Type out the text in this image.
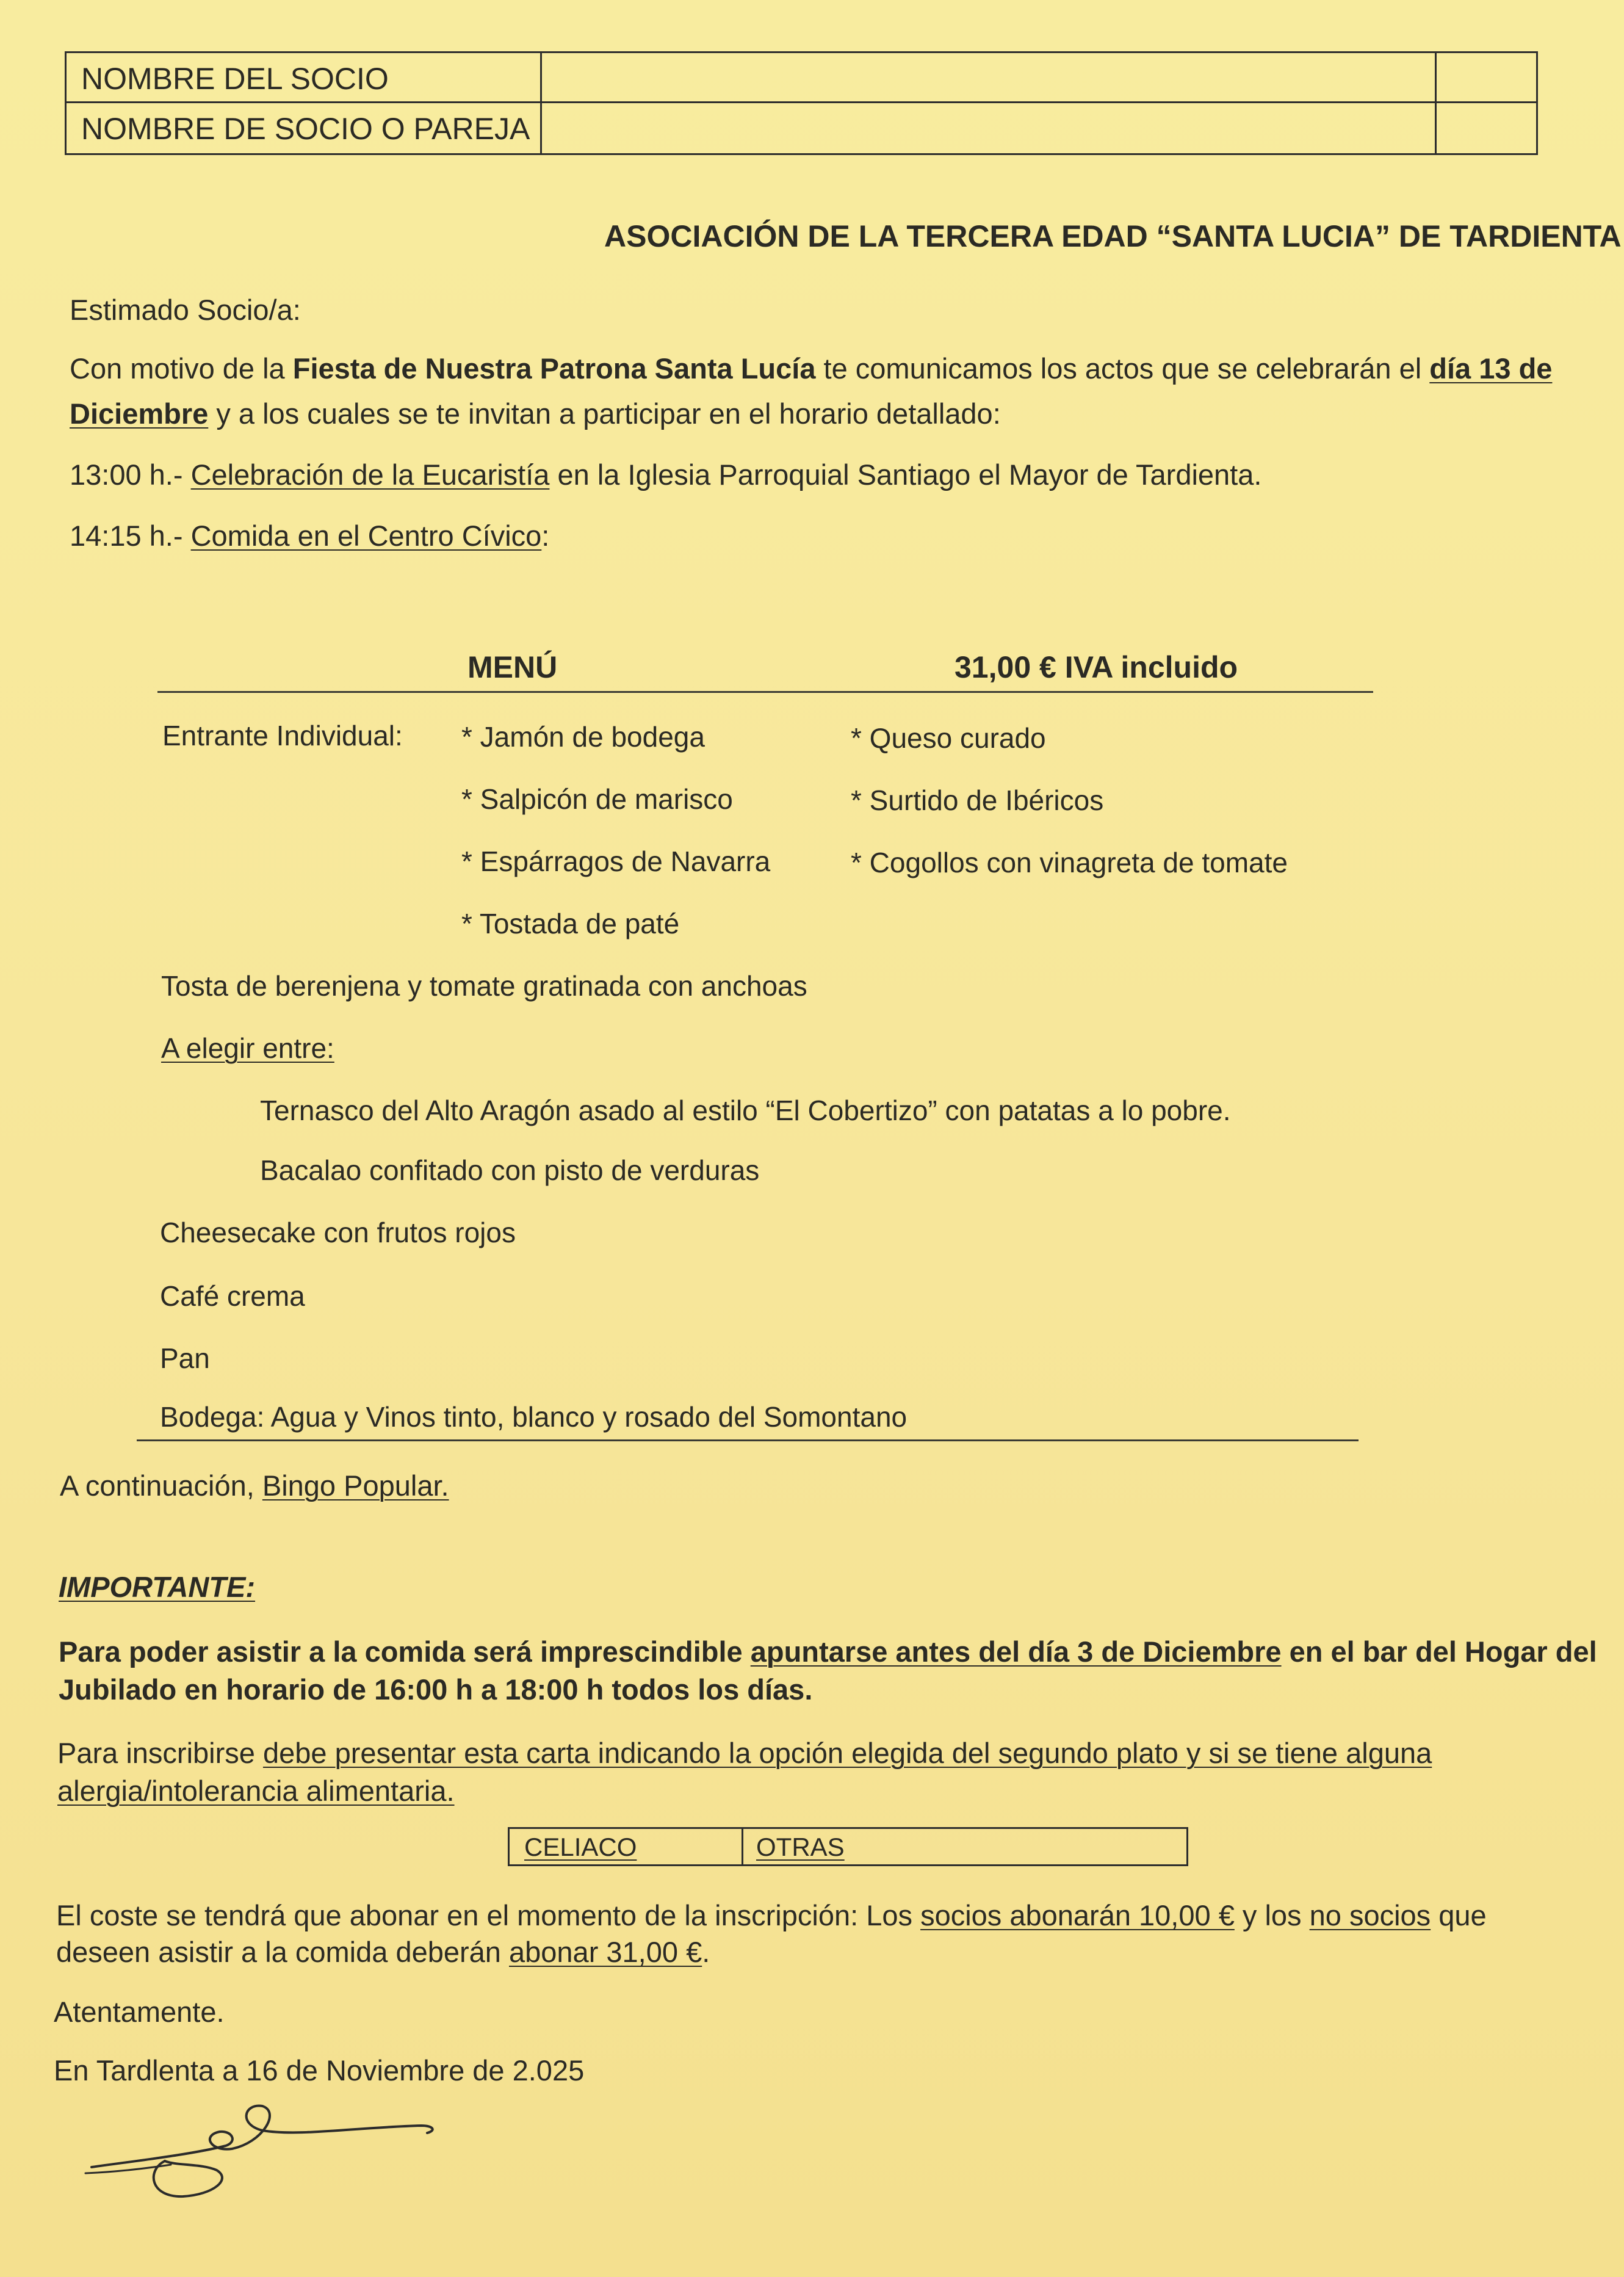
NOMBRE DEL SOCIO
NOMBRE DE SOCIO O PAREJA
ASOCIACIÓN DE LA TERCERA EDAD “SANTA LUCIA” DE TARDIENTA
Estimado Socio/a:
Con motivo de la Fiesta de Nuestra Patrona Santa Lucía te comunicamos los actos que se celebrarán el día 13 de
Diciembre y a los cuales se te invitan a participar en el horario detallado:
13:00 h.- Celebración de la Eucaristía en la Iglesia Parroquial Santiago el Mayor de Tardienta.
14:15 h.- Comida en el Centro Cívico:
MENÚ	31,00 € IVA incluido
Entrante Individual: * Jamón de bodega
* Salpicón de marisco
* Espárragos de Navarra
* Tostada de paté
* Queso curado
* Surtido de Ibéricos
* Cogollos con vinagreta de tomate
Tosta de berenjena y tomate gratinada con anchoas
A elegir entre:
Ternasco del Alto Aragón asado al estilo “El Cobertizo” con patatas a lo pobre.
Bacalao confitado con pisto de verduras
Cheesecake con frutos rojos
Café crema
Pan
Bodega: Agua y Vinos tinto, blanco y rosado del Somontano
A continuación, Bingo Popular.
IMPORTANTE:
Para poder asistir a la comida será imprescindible apuntarse antes del día 3 de Diciembre en el bar del Hogar del
Jubilado en horario de 16:00 h a 18:00 h todos los días.
Para inscribirse debe presentar esta carta indicando la opción elegida del segundo plato y si se tiene alguna
alergia/intolerancia alimentaria.
CELIACO	OTRAS
El coste se tendrá que abonar en el momento de la inscripción: Los socios abonarán 10,00 € y los no socios que
deseen asistir a la comida deberán abonar 31,00 €.
Atentamente.
En Tardlenta a 16 de Noviembre de 2.025
